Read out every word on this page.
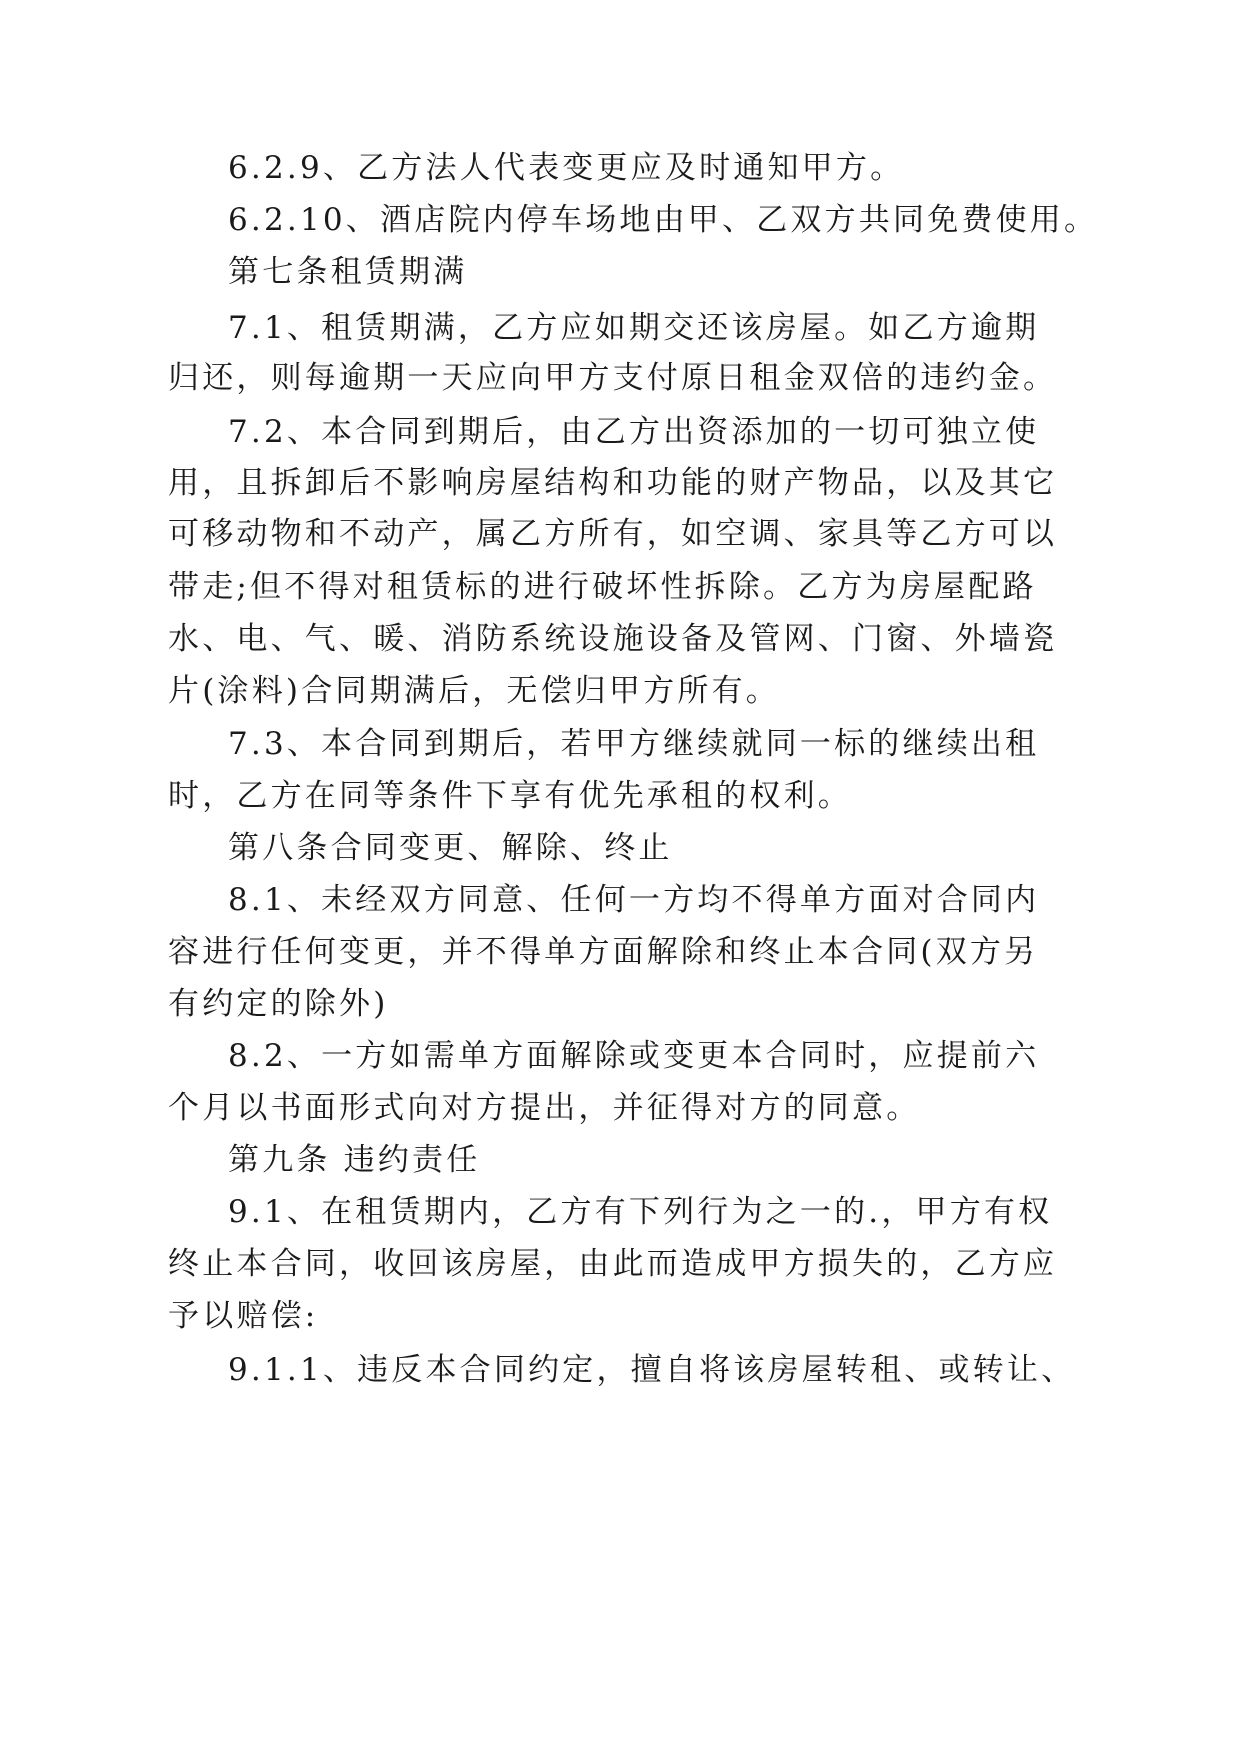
6.2.9、乙方法人代表变更应及时通知甲方。
6.2.10、酒店院内停车场地由甲、乙双方共同免费使用。
第七条租赁期满
7.1、租赁期满，乙方应如期交还该房屋。如乙方逾期
归还，则每逾期一天应向甲方支付原日租金双倍的违约金。
7.2、本合同到期后，由乙方出资添加的一切可独立使
用，且拆卸后不影响房屋结构和功能的财产物品，以及其它
可移动物和不动产，属乙方所有，如空调、家具等乙方可以
带走;但不得对租赁标的进行破坏性拆除。乙方为房屋配路
水、电、气、暖、消防系统设施设备及管网、门窗、外墙瓷
片(涂料)合同期满后，无偿归甲方所有。
7.3、本合同到期后，若甲方继续就同一标的继续出租
时，乙方在同等条件下享有优先承租的权利。
第八条合同变更、解除、终止
8.1、未经双方同意、任何一方均不得单方面对合同内
容进行任何变更，并不得单方面解除和终止本合同(双方另
有约定的除外)
8.2、一方如需单方面解除或变更本合同时，应提前六
个月以书面形式向对方提出，并征得对方的同意。
第九条 违约责任
9.1、在租赁期内，乙方有下列行为之一的.，甲方有权
终止本合同，收回该房屋，由此而造成甲方损失的，乙方应
予以赔偿:
9.1.1、违反本合同约定，擅自将该房屋转租、或转让、
